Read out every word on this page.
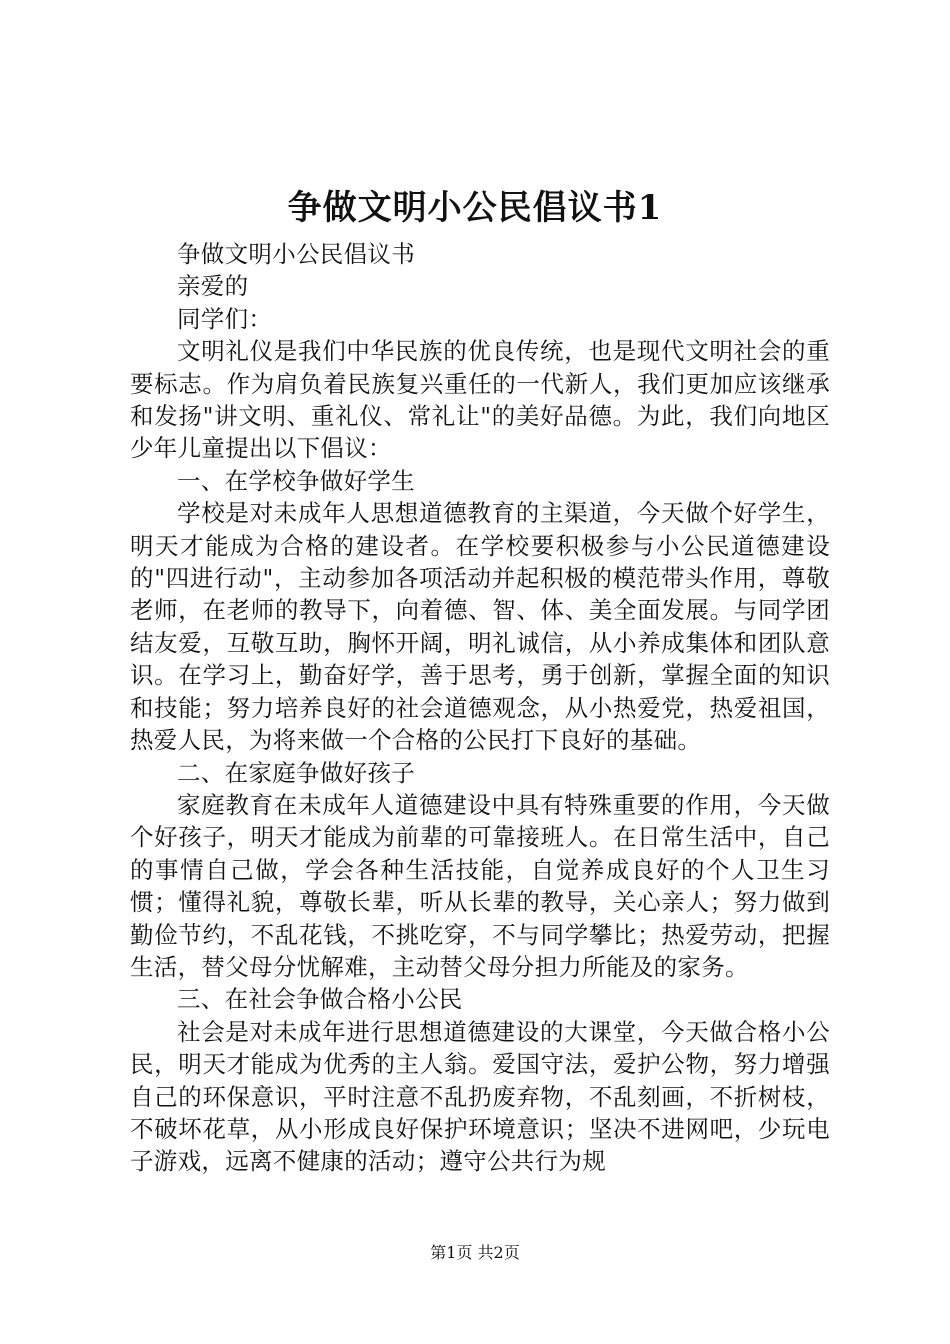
争做文明小公民倡议书1

争做文明小公民倡议书

亲爱的

同学们：

文明礼仪是我们中华民族的优良传统，也是现代文明社会的重要标志。作为肩负着民族复兴重任的一代新人，我们更加应该继承和发扬"讲文明、重礼仪、常礼让"的美好品德。为此，我们向地区少年儿童提出以下倡议：

一、在学校争做好学生

学校是对未成年人思想道德教育的主渠道，今天做个好学生，明天才能成为合格的建设者。在学校要积极参与小公民道德建设的"四进行动"，主动参加各项活动并起积极的模范带头作用，尊敬老师，在老师的教导下，向着德、智、体、美全面发展。与同学团结友爱，互敬互助，胸怀开阔，明礼诚信，从小养成集体和团队意识。在学习上，勤奋好学，善于思考，勇于创新，掌握全面的知识和技能；努力培养良好的社会道德观念，从小热爱党，热爱祖国，热爱人民，为将来做一个合格的公民打下良好的基础。

二、在家庭争做好孩子

家庭教育在未成年人道德建设中具有特殊重要的作用，今天做个好孩子，明天才能成为前辈的可靠接班人。在日常生活中，自己的事情自己做，学会各种生活技能，自觉养成良好的个人卫生习惯；懂得礼貌，尊敬长辈，听从长辈的教导，关心亲人；努力做到勤俭节约，不乱花钱，不挑吃穿，不与同学攀比；热爱劳动，把握生活，替父母分忧解难，主动替父母分担力所能及的家务。

三、在社会争做合格小公民

社会是对未成年进行思想道德建设的大课堂，今天做合格小公民，明天才能成为优秀的主人翁。爱国守法，爱护公物，努力增强自己的环保意识，平时注意不乱扔废弃物，不乱刻画，不折树枝，不破坏花草，从小形成良好保护环境意识；坚决不进网吧，少玩电子游戏，远离不健康的活动；遵守公共行为规

第1页 共2页
